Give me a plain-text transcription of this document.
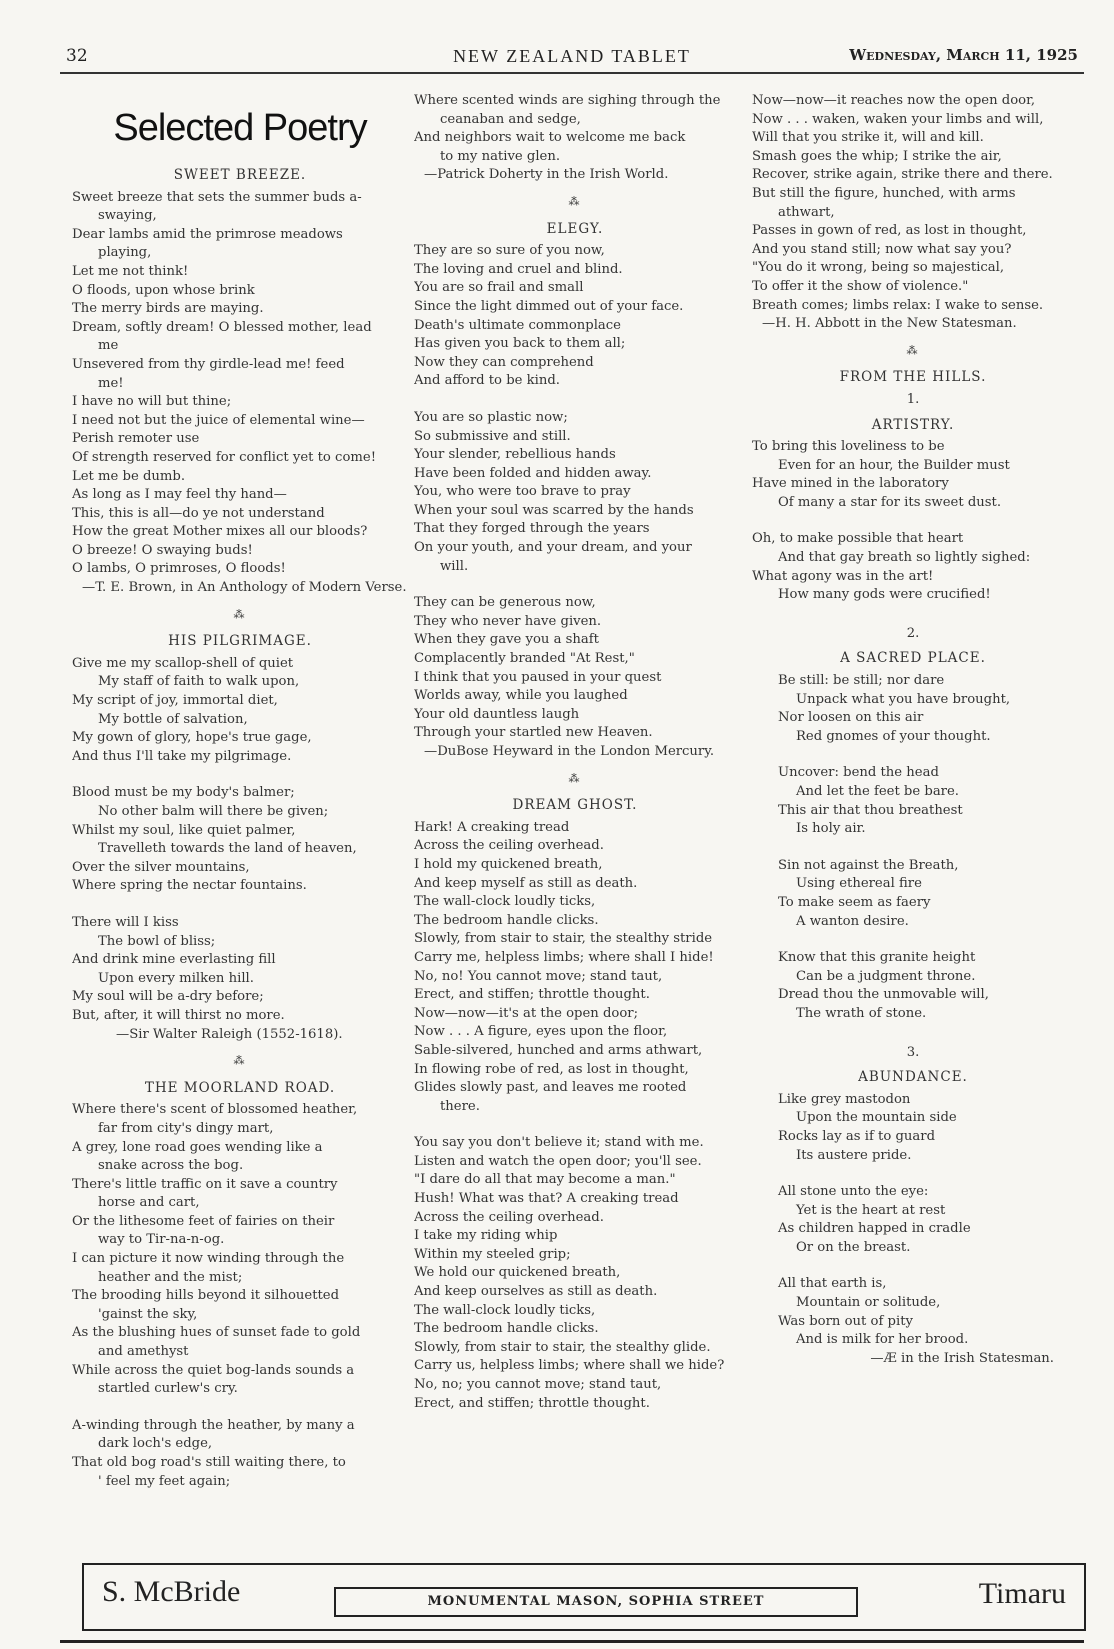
32	NEW ZEALAND TABLET	Wednesday, March 11, 1925
Selected Poetry
SWEET BREEZE.
Sweet breeze that sets the summer buds a-
swaying,
Dear lambs amid the primrose meadows
playing,
Let me not think!
O floods, upon whose brink
The merry birds are maying.
Dream, softly dream! O blessed mother, lead
me
Unsevered from thy girdle-lead me! feed
me!
I have no will but thine;
I need not but the juice of elemental wine—
Perish remoter use
Of strength reserved for conflict yet to come!
Let me be dumb.
As long as I may feel thy hand—
This, this is all—do ye not understand
How the great Mother mixes all our bloods?
O breeze! O swaying buds!
O lambs, O primroses, O floods!
—T. E. Brown, in An Anthology of Modern Verse.
⁂
HIS PILGRIMAGE.
Give me my scallop-shell of quiet
My staff of faith to walk upon,
My script of joy, immortal diet,
My bottle of salvation,
My gown of glory, hope's true gage,
And thus I'll take my pilgrimage.
Blood must be my body's balmer;
No other balm will there be given;
Whilst my soul, like quiet palmer,
Travelleth towards the land of heaven,
Over the silver mountains,
Where spring the nectar fountains.
There will I kiss
The bowl of bliss;
And drink mine everlasting fill
Upon every milken hill.
My soul will be a-dry before;
But, after, it will thirst no more.
—Sir Walter Raleigh (1552-1618).
⁂
THE MOORLAND ROAD.
Where there's scent of blossomed heather,
far from city's dingy mart,
A grey, lone road goes wending like a
snake across the bog.
There's little traffic on it save a country
horse and cart,
Or the lithesome feet of fairies on their
way to Tir-na-n-og.
I can picture it now winding through the
heather and the mist;
The brooding hills beyond it silhouetted
'gainst the sky,
As the blushing hues of sunset fade to gold
and amethyst
While across the quiet bog-lands sounds a
startled curlew's cry.
A-winding through the heather, by many a
dark loch's edge,
That old bog road's still waiting there, to
' feel my feet again;
Where scented winds are sighing through the
ceanaban and sedge,
And neighbors wait to welcome me back
to my native glen.
—Patrick Doherty in the Irish World.
⁂
ELEGY.
They are so sure of you now,
The loving and cruel and blind.
You are so frail and small
Since the light dimmed out of your face.
Death's ultimate commonplace
Has given you back to them all;
Now they can comprehend
And afford to be kind.
You are so plastic now;
So submissive and still.
Your slender, rebellious hands
Have been folded and hidden away.
You, who were too brave to pray
When your soul was scarred by the hands
That they forged through the years
On your youth, and your dream, and your
will.
They can be generous now,
They who never have given.
When they gave you a shaft
Complacently branded "At Rest,"
I think that you paused in your quest
Worlds away, while you laughed
Your old dauntless laugh
Through your startled new Heaven.
—DuBose Heyward in the London Mercury.
⁂
DREAM GHOST.
Hark! A creaking tread
Across the ceiling overhead.
I hold my quickened breath,
And keep myself as still as death.
The wall-clock loudly ticks,
The bedroom handle clicks.
Slowly, from stair to stair, the stealthy stride
Carry me, helpless limbs; where shall I hide!
No, no! You cannot move; stand taut,
Erect, and stiffen; throttle thought.
Now—now—it's at the open door;
Now . . . A figure, eyes upon the floor,
Sable-silvered, hunched and arms athwart,
In flowing robe of red, as lost in thought,
Glides slowly past, and leaves me rooted
there.
You say you don't believe it; stand with me.
Listen and watch the open door; you'll see.
"I dare do all that may become a man."
Hush! What was that? A creaking tread
Across the ceiling overhead.
I take my riding whip
Within my steeled grip;
We hold our quickened breath,
And keep ourselves as still as death.
The wall-clock loudly ticks,
The bedroom handle clicks.
Slowly, from stair to stair, the stealthy glide.
Carry us, helpless limbs; where shall we hide?
No, no; you cannot move; stand taut,
Erect, and stiffen; throttle thought.
Now—now—it reaches now the open door,
Now . . . waken, waken your limbs and will,
Will that you strike it, will and kill.
Smash goes the whip; I strike the air,
Recover, strike again, strike there and there.
But still the figure, hunched, with arms
athwart,
Passes in gown of red, as lost in thought,
And you stand still; now what say you?
"You do it wrong, being so majestical,
To offer it the show of violence."
Breath comes; limbs relax: I wake to sense.
—H. H. Abbott in the New Statesman.
⁂
FROM THE HILLS.
1.
ARTISTRY.
To bring this loveliness to be
Even for an hour, the Builder must
Have mined in the laboratory
Of many a star for its sweet dust.
Oh, to make possible that heart
And that gay breath so lightly sighed:
What agony was in the art!
How many gods were crucified!
2.
A SACRED PLACE.
Be still: be still; nor dare
Unpack what you have brought,
Nor loosen on this air
Red gnomes of your thought.
Uncover: bend the head
And let the feet be bare.
This air that thou breathest
Is holy air.
Sin not against the Breath,
Using ethereal fire
To make seem as faery
A wanton desire.
Know that this granite height
Can be a judgment throne.
Dread thou the unmovable will,
The wrath of stone.
3.
ABUNDANCE.
Like grey mastodon
Upon the mountain side
Rocks lay as if to guard
Its austere pride.
All stone unto the eye:
Yet is the heart at rest
As children happed in cradle
Or on the breast.
All that earth is,
Mountain or solitude,
Was born out of pity
And is milk for her brood.
—Æ in the Irish Statesman.
S. McBride	MONUMENTAL MASON, SOPHIA STREET	Timaru
